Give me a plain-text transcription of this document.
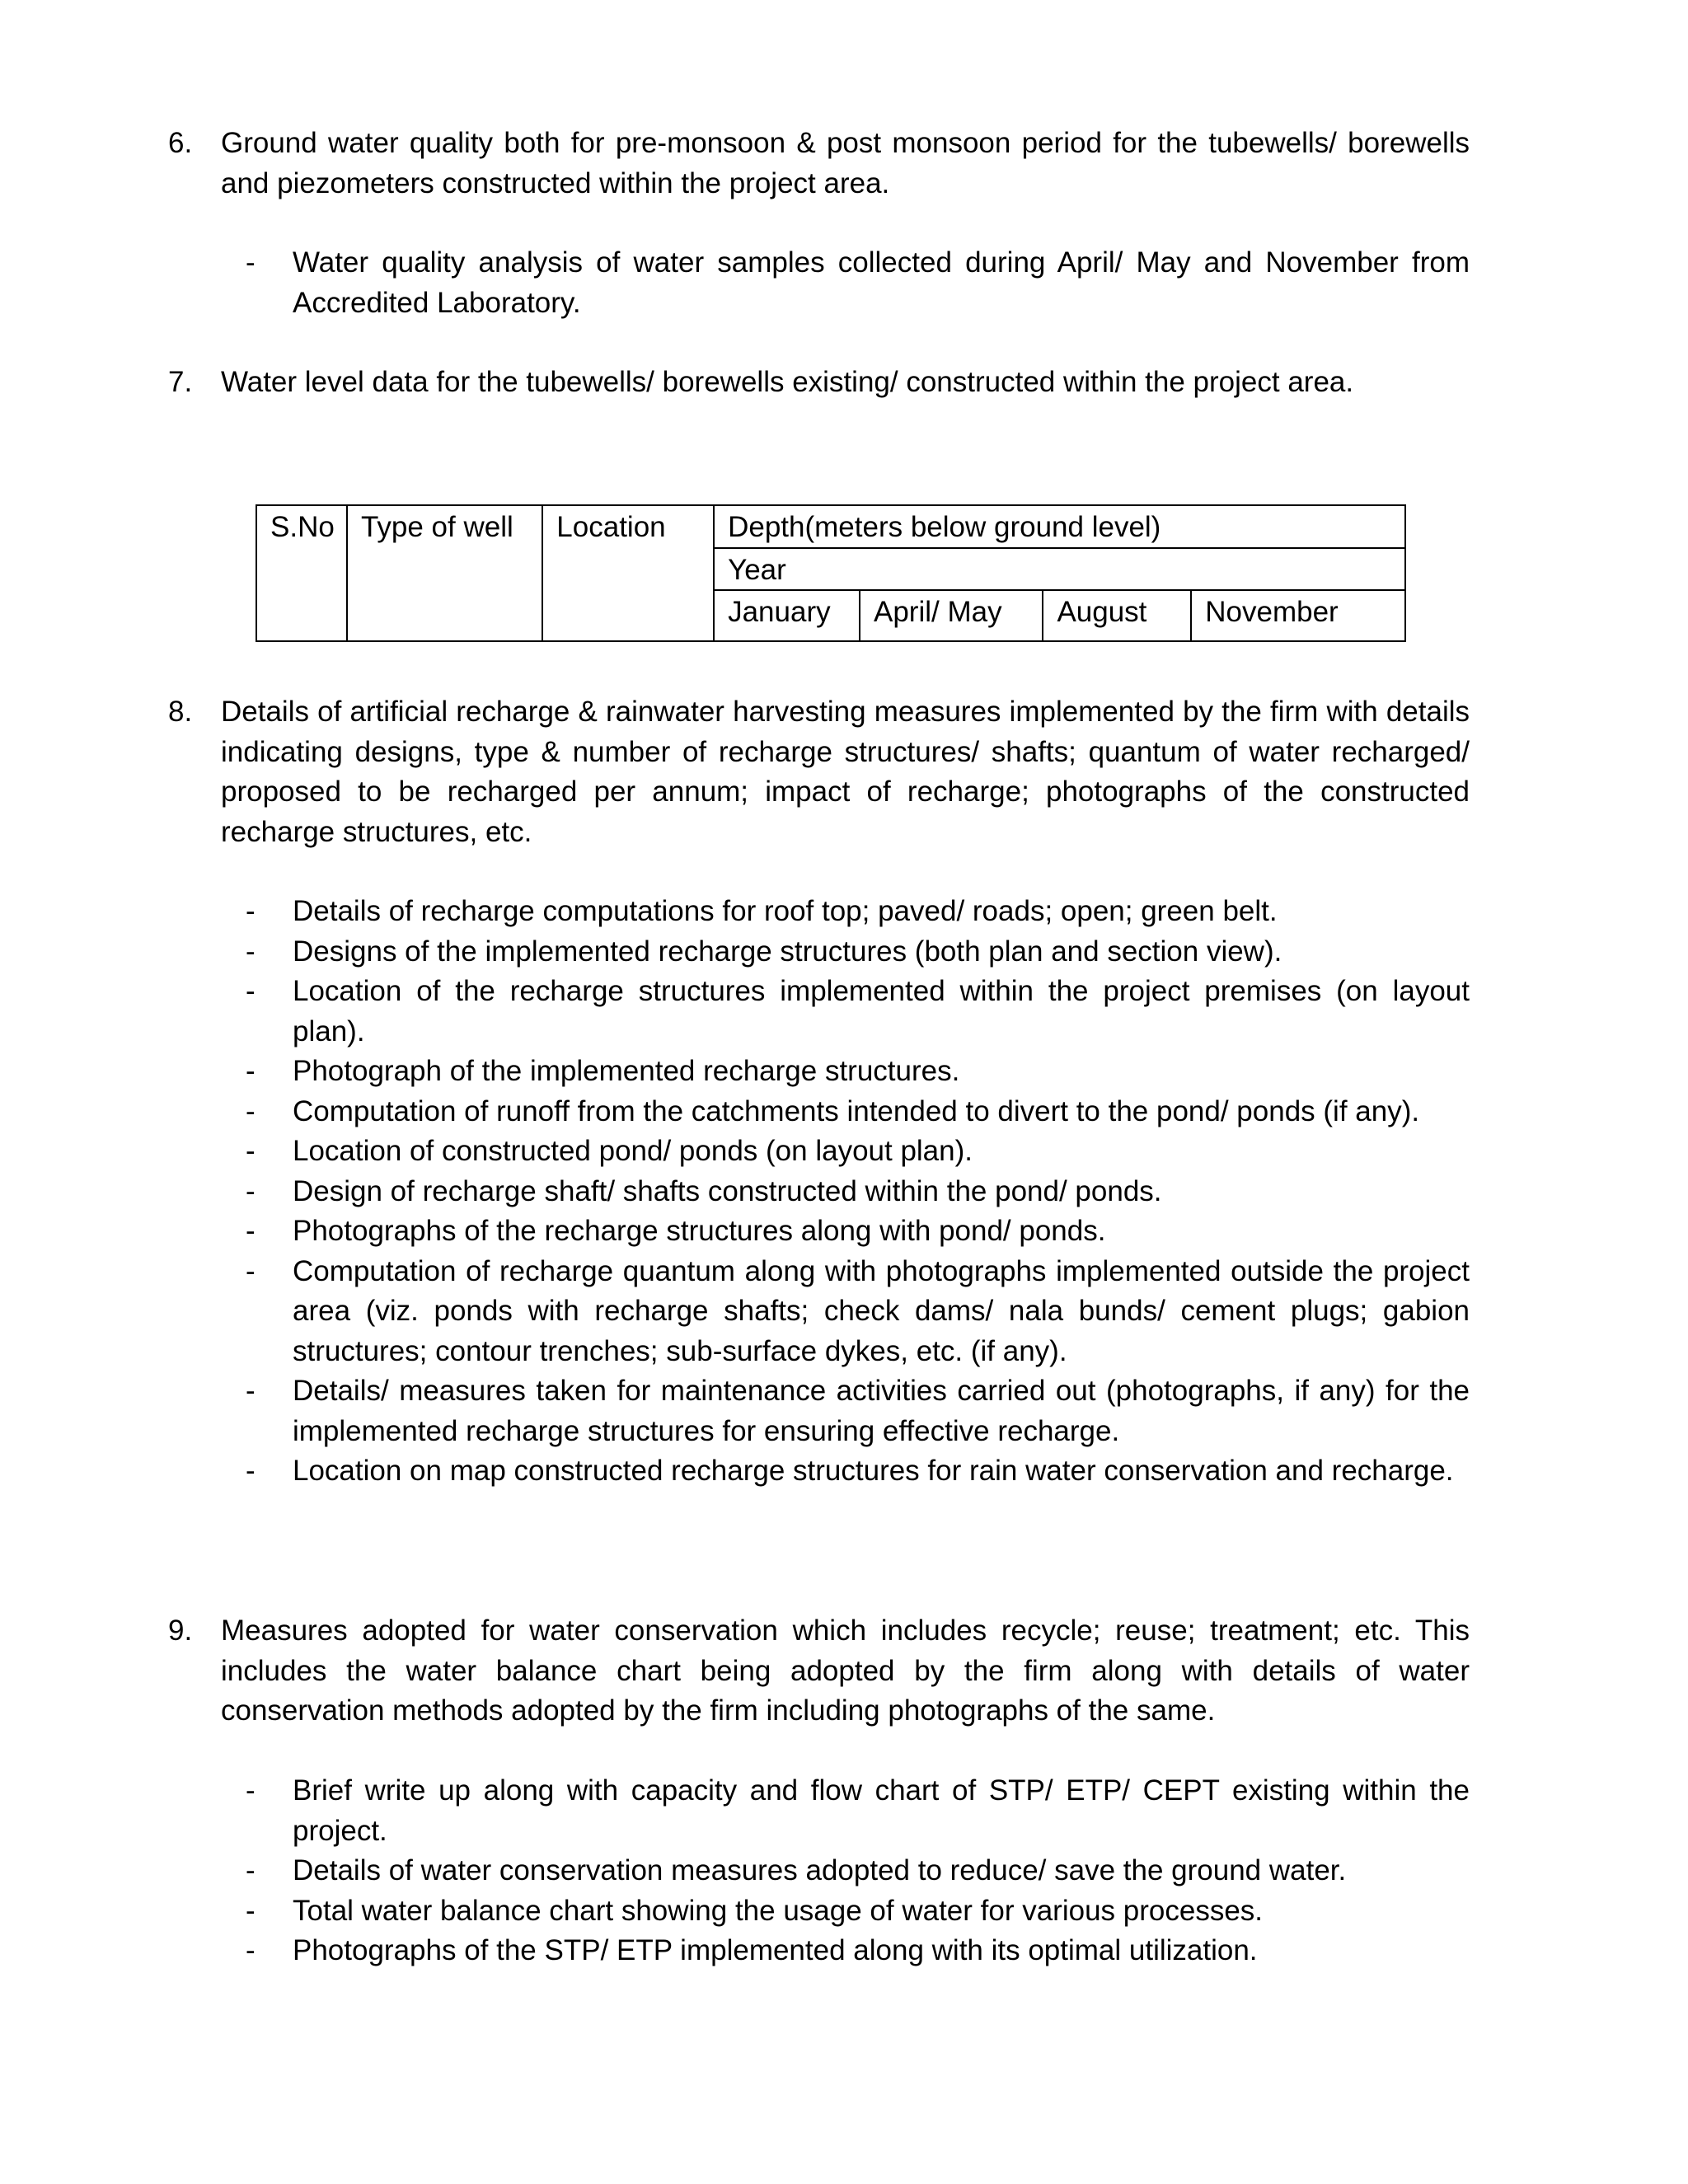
6. Ground water quality both for pre-monsoon & post monsoon period for the tubewells/ borewells and piezometers constructed within the project area.
- Water quality analysis of water samples collected during April/ May and November from Accredited Laboratory.
7. Water level data for the tubewells/ borewells existing/ constructed within the project area.
S.No	Type of well	Location	Depth(meters below ground level)			
			Year			
			January	April/ May	August	November
8. Details of artificial recharge & rainwater harvesting measures implemented by the firm with details indicating designs, type & number of recharge structures/ shafts; quantum of water recharged/ proposed to be recharged per annum; impact of recharge; photographs of the constructed recharge structures, etc.
- Details of recharge computations for roof top; paved/ roads; open; green belt.
- Designs of the implemented recharge structures (both plan and section view).
- Location of the recharge structures implemented within the project premises (on layout plan).
- Photograph of the implemented recharge structures.
- Computation of runoff from the catchments intended to divert to the pond/ ponds (if any).
- Location of constructed pond/ ponds (on layout plan).
- Design of recharge shaft/ shafts constructed within the pond/ ponds.
- Photographs of the recharge structures along with pond/ ponds.
- Computation of recharge quantum along with photographs implemented outside the project area (viz. ponds with recharge shafts; check dams/ nala bunds/ cement plugs; gabion structures; contour trenches; sub-surface dykes, etc. (if any).
- Details/ measures taken for maintenance activities carried out (photographs, if any) for the implemented recharge structures for ensuring effective recharge.
- Location on map constructed recharge structures for rain water conservation and recharge.
9. Measures adopted for water conservation which includes recycle; reuse; treatment; etc. This includes the water balance chart being adopted by the firm along with details of water conservation methods adopted by the firm including photographs of the same.
- Brief write up along with capacity and flow chart of STP/ ETP/ CEPT existing within the project.
- Details of water conservation measures adopted to reduce/ save the ground water.
- Total water balance chart showing the usage of water for various processes.
- Photographs of the STP/ ETP implemented along with its optimal utilization.
